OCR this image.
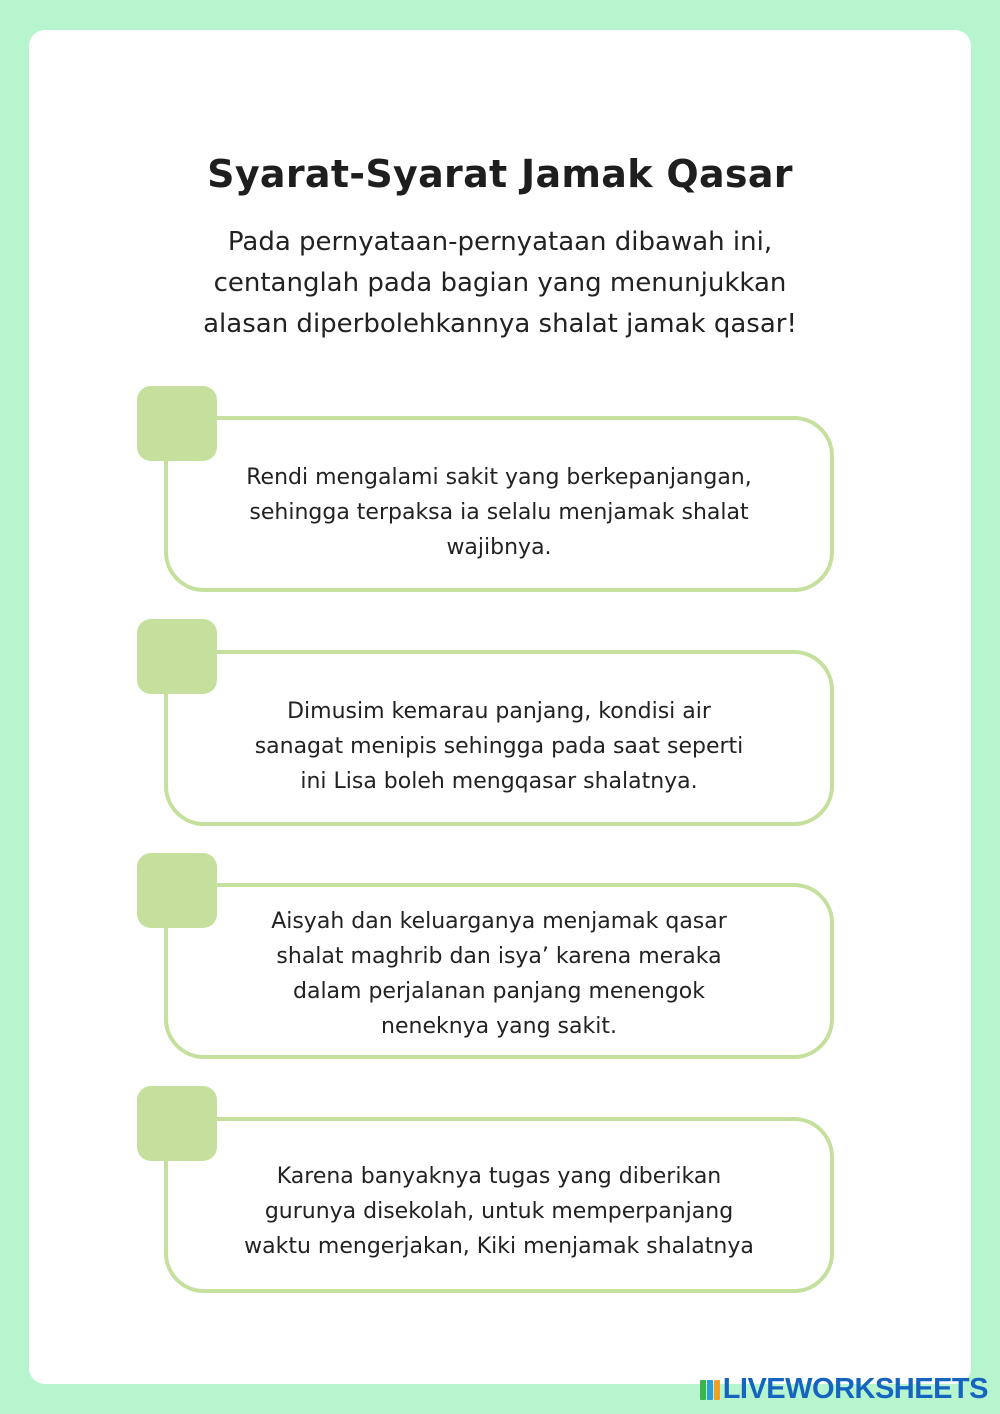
Syarat-Syarat Jamak Qasar
Pada pernyataan-pernyataan dibawah ini,
centanglah pada bagian yang menunjukkan
alasan diperbolehkannya shalat jamak qasar!
Rendi mengalami sakit yang berkepanjangan,
sehingga terpaksa ia selalu menjamak shalat
wajibnya.
Dimusim kemarau panjang, kondisi air
sanagat menipis sehingga pada saat seperti
ini Lisa boleh mengqasar shalatnya.
Aisyah dan keluarganya menjamak qasar
shalat maghrib dan isya’ karena meraka
dalam perjalanan panjang menengok
neneknya yang sakit.
Karena banyaknya tugas yang diberikan
gurunya disekolah, untuk memperpanjang
waktu mengerjakan, Kiki menjamak shalatnya
LIVEWORKSHEETS
